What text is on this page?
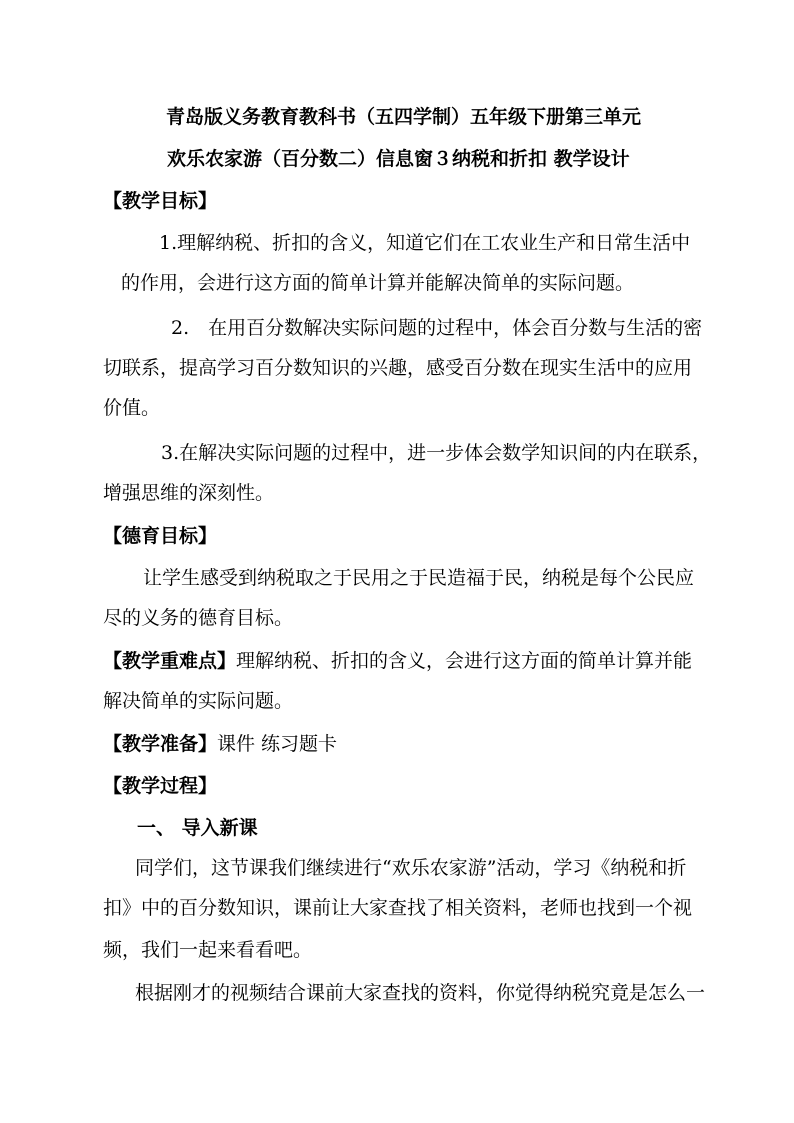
青岛版义务教育教科书（五四学制）五年级下册第三单元
欢乐农家游（百分数二）信息窗３纳税和折扣 教学设计
【教学目标】
1.理解纳税、折扣的含义，知道它们在工农业生产和日常生活中
的作用，会进行这方面的简单计算并能解决简单的实际问题。
2.　在用百分数解决实际问题的过程中，体会百分数与生活的密
切联系，提高学习百分数知识的兴趣，感受百分数在现实生活中的应用
价值。
3.在解决实际问题的过程中，进一步体会数学知识间的内在联系，
增强思维的深刻性。
【德育目标】
让学生感受到纳税取之于民用之于民造福于民，纳税是每个公民应
尽的义务的德育目标。
【教学重难点】理解纳税、折扣的含义，会进行这方面的简单计算并能
解决简单的实际问题。
【教学准备】课件 练习题卡
【教学过程】
一、 导入新课
同学们，这节课我们继续进行“欢乐农家游”活动，学习《纳税和折
扣》中的百分数知识，课前让大家查找了相关资料，老师也找到一个视
频，我们一起来看看吧。
根据刚才的视频结合课前大家查找的资料，你觉得纳税究竟是怎么一
